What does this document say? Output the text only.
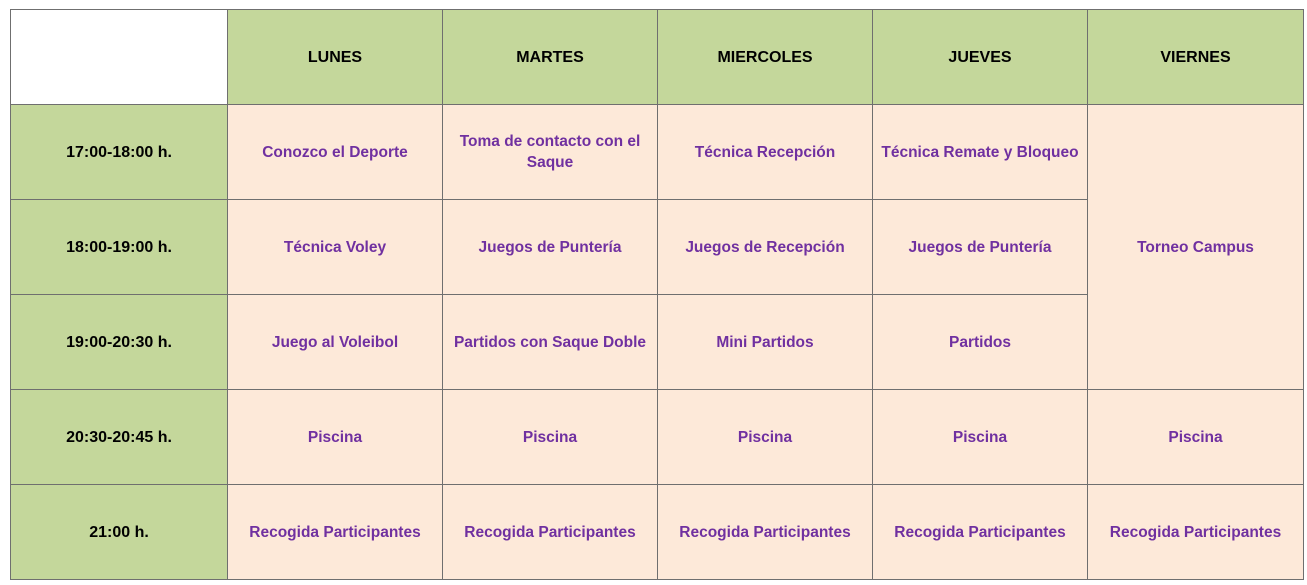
	LUNES	MARTES	MIERCOLES	JUEVES	VIERNES
17:00-18:00 h.	Conozco el Deporte	Toma de contacto con el Saque	Técnica Recepción	Técnica Remate y Bloqueo	Torneo Campus
18:00-19:00 h.	Técnica Voley	Juegos de Puntería	Juegos de Recepción	Juegos de Puntería	
19:00-20:30 h.	Juego al Voleibol	Partidos con Saque Doble	Mini Partidos	Partidos	
20:30-20:45 h.	Piscina	Piscina	Piscina	Piscina	Piscina
21:00 h.	Recogida Participantes	Recogida Participantes	Recogida Participantes	Recogida Participantes	Recogida Participantes
